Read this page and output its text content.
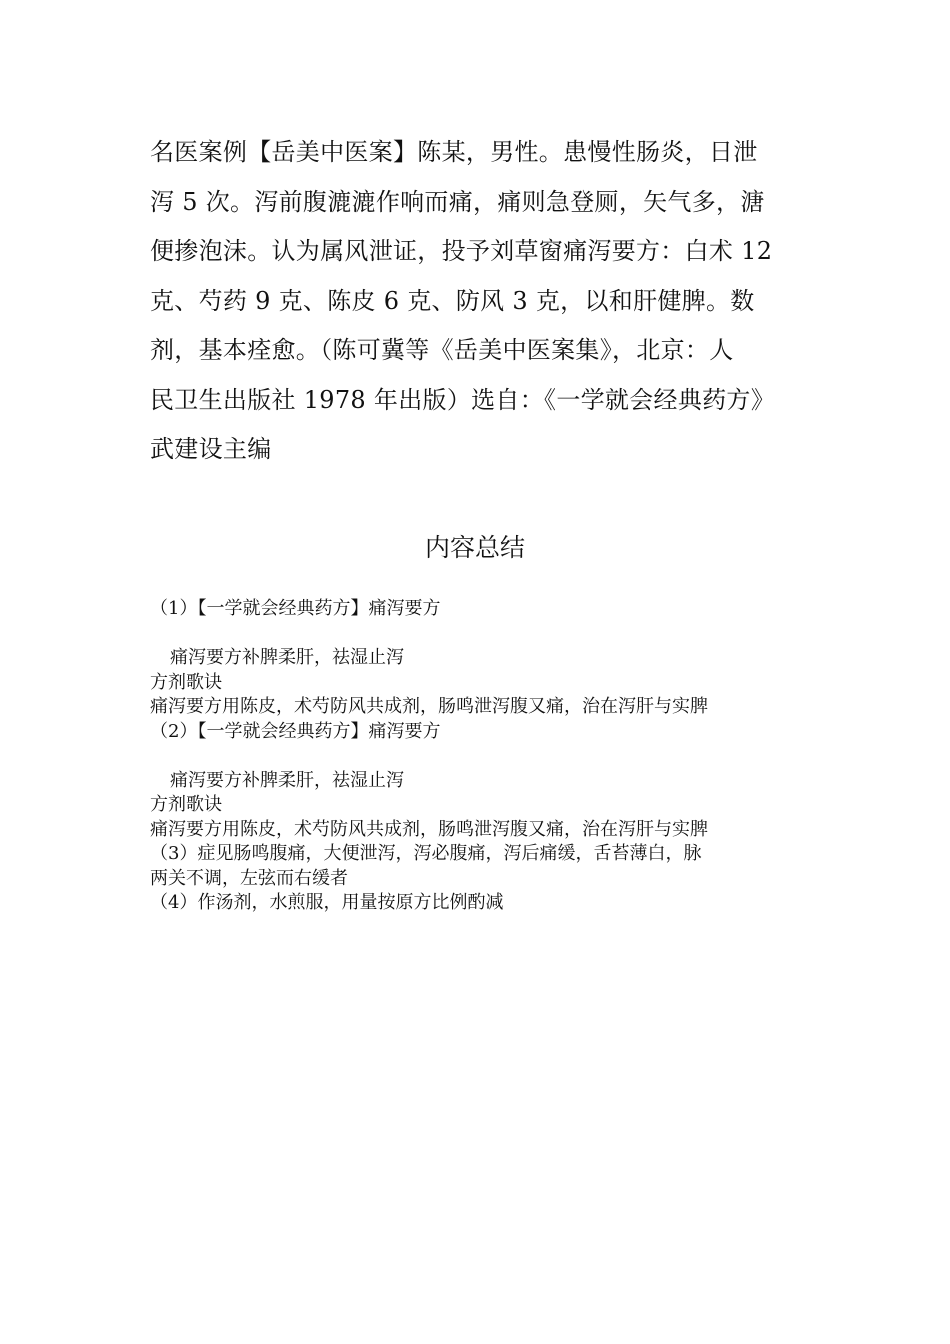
名医案例【岳美中医案】陈某，男性。患慢性肠炎，日泄
泻 5 次。泻前腹漉漉作响而痛，痛则急登厕，矢气多，溏
便掺泡沫。认为属风泄证，投予刘草窗痛泻要方：白术 12
克、芍药 9 克、陈皮 6 克、防风 3 克，以和肝健脾。数
剂，基本痊愈。（陈可冀等《岳美中医案集》，北京：人
民卫生出版社 1978 年出版）选自：《一学就会经典药方》
武建设主编
内容总结
（1）【一学就会经典药方】痛泻要方
痛泻要方补脾柔肝，祛湿止泻
方剂歌诀
痛泻要方用陈皮，术芍防风共成剂，肠鸣泄泻腹又痛，治在泻肝与实脾
（2）【一学就会经典药方】痛泻要方
痛泻要方补脾柔肝，祛湿止泻
方剂歌诀
痛泻要方用陈皮，术芍防风共成剂，肠鸣泄泻腹又痛，治在泻肝与实脾
（3）症见肠鸣腹痛，大便泄泻，泻必腹痛，泻后痛缓，舌苔薄白，脉
两关不调，左弦而右缓者
（4）作汤剂，水煎服，用量按原方比例酌减
